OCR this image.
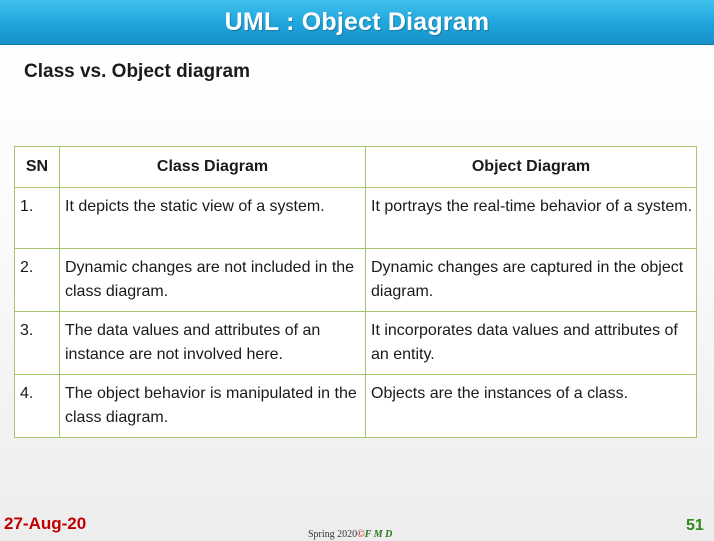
UML : Object Diagram
Class vs. Object diagram
SN	Class Diagram	Object Diagram
1.	It depicts the static view of a system.	It portrays the real-time behavior of a system.
2.	Dynamic changes are not included in the class diagram.	Dynamic changes are captured in the object diagram.
3.	The data values and attributes of an instance are not involved here.	It incorporates data values and attributes of an entity.
4.	The object behavior is manipulated in the class diagram.	Objects are the instances of a class.
27-Aug-20
Spring 2020©F M D
51
